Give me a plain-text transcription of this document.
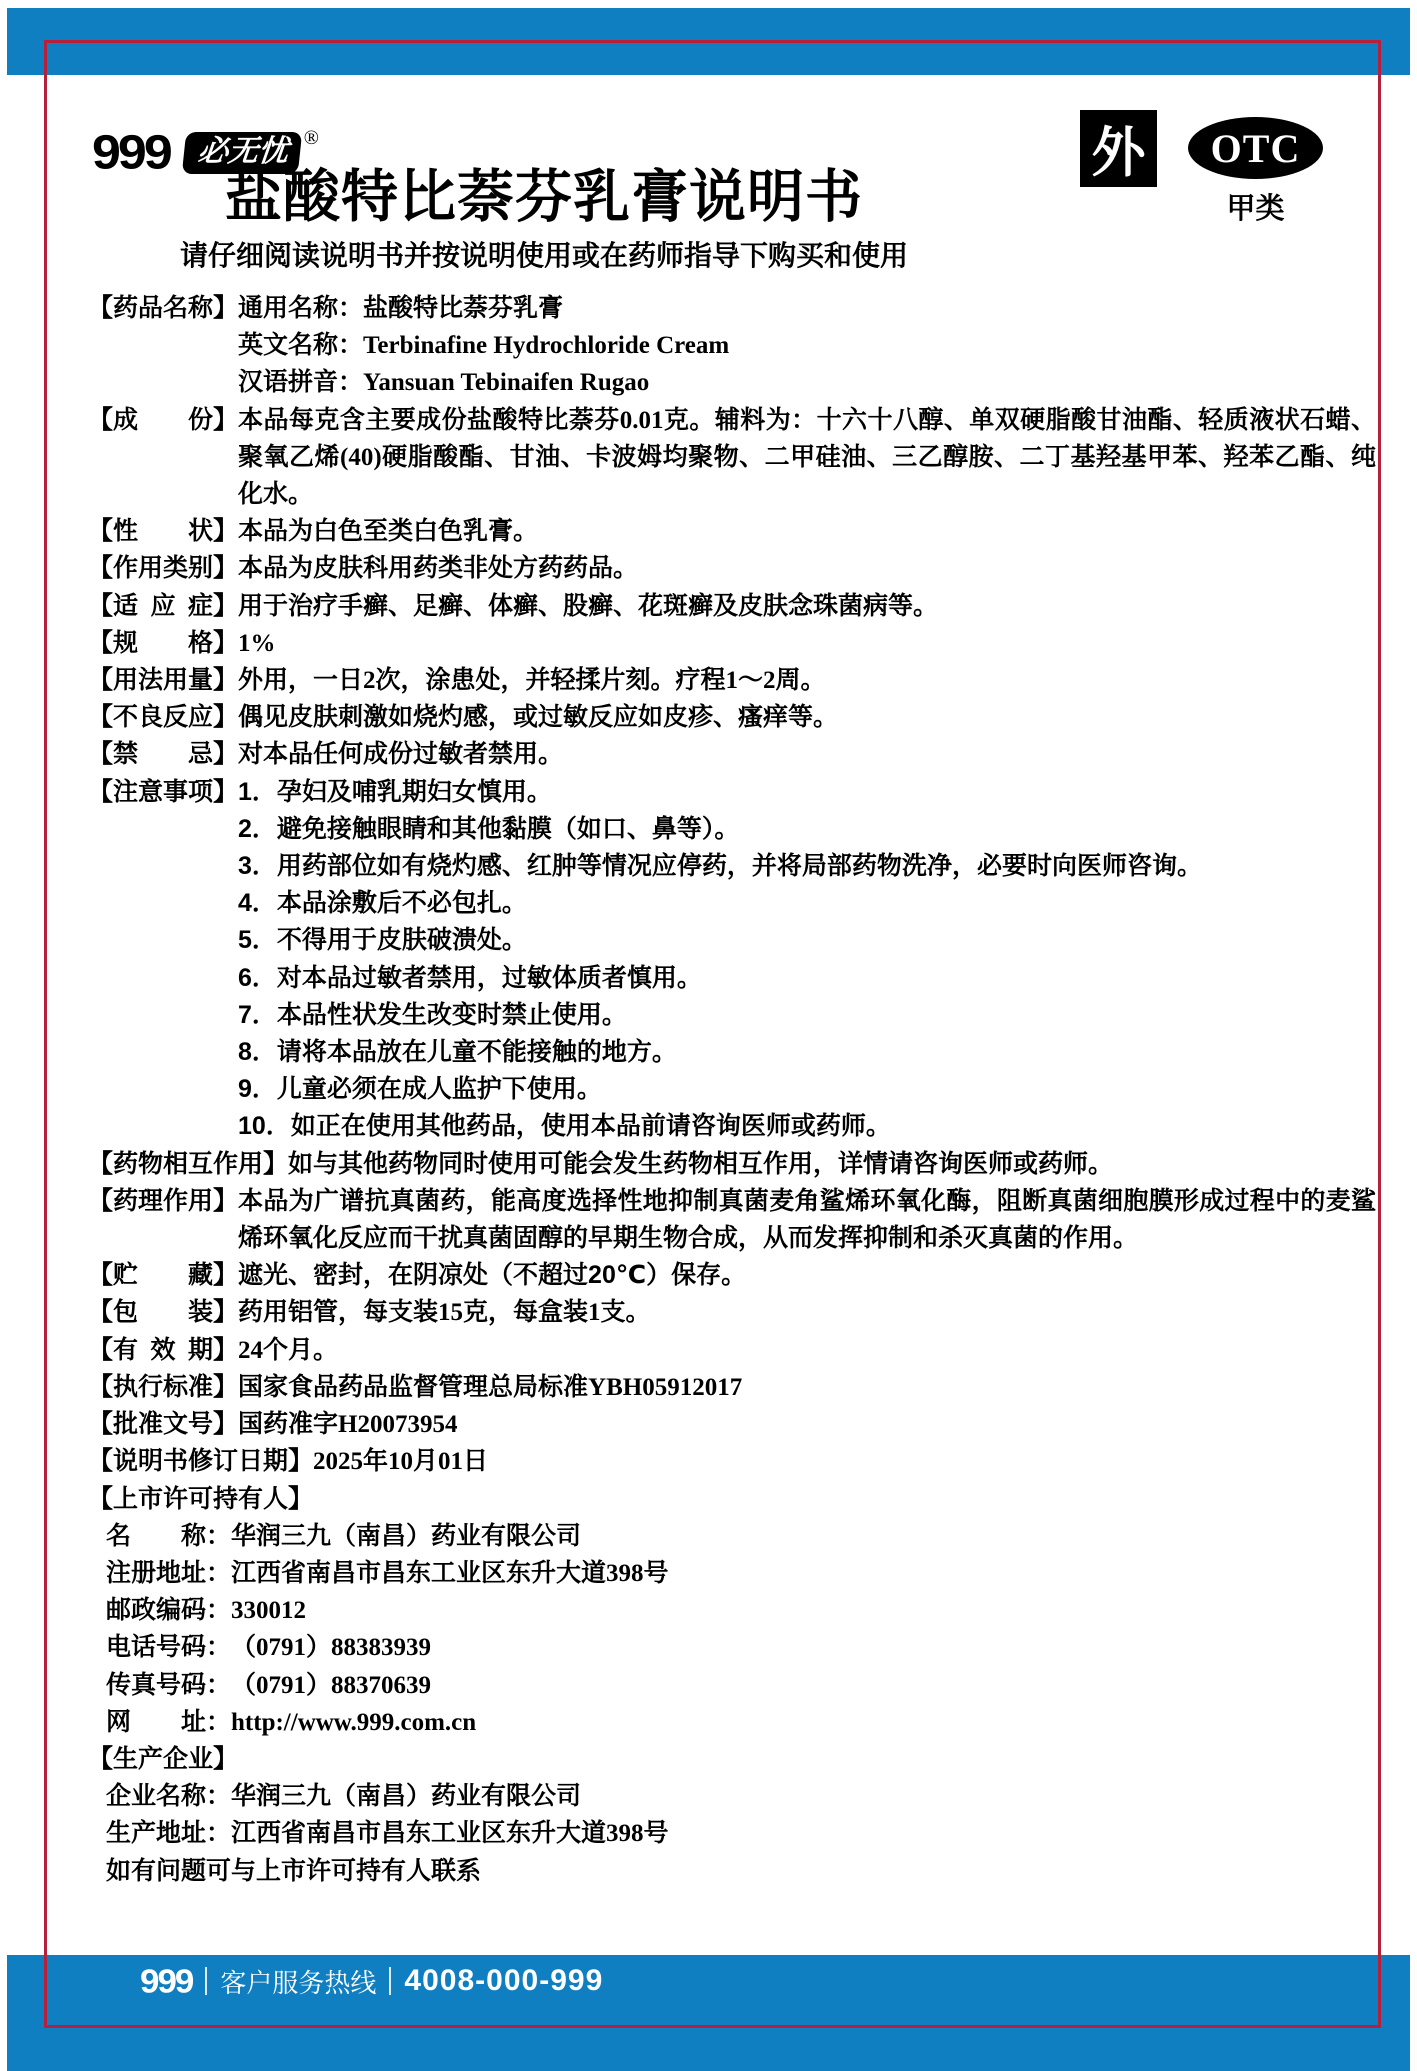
999 必无忧 ®	外	OTC
甲类
盐酸特比萘芬乳膏说明书
请仔细阅读说明书并按说明使用或在药师指导下购买和使用
【药品名称】 通用名称：盐酸特比萘芬乳膏
英文名称：Terbinafine Hydrochloride Cream
汉语拼音：Yansuan Tebinaifen Rugao
【成份】 本品每克含主要成份盐酸特比萘芬0.01克。辅料为：十六十八醇、单双硬脂酸甘油酯、轻质液状石蜡、聚氧乙烯(40)硬脂酸酯、甘油、卡波姆均聚物、二甲硅油、三乙醇胺、二丁基羟基甲苯、羟苯乙酯、纯化水。
【性状】 本品为白色至类白色乳膏。
【作用类别】 本品为皮肤科用药类非处方药药品。
【适应症】 用于治疗手癣、足癣、体癣、股癣、花斑癣及皮肤念珠菌病等。
【规格】 1%
【用法用量】 外用，一日2次，涂患处，并轻揉片刻。疗程1～2周。
【不良反应】 偶见皮肤刺激如烧灼感，或过敏反应如皮疹、瘙痒等。
【禁忌】 对本品任何成份过敏者禁用。
【注意事项】 1．孕妇及哺乳期妇女慎用。
2．避免接触眼睛和其他黏膜（如口、鼻等）。
3．用药部位如有烧灼感、红肿等情况应停药，并将局部药物洗净，必要时向医师咨询。
4．本品涂敷后不必包扎。
5．不得用于皮肤破溃处。
6．对本品过敏者禁用，过敏体质者慎用。
7．本品性状发生改变时禁止使用。
8．请将本品放在儿童不能接触的地方。
9．儿童必须在成人监护下使用。
10．如正在使用其他药品，使用本品前请咨询医师或药师。
【药物相互作用】 如与其他药物同时使用可能会发生药物相互作用，详情请咨询医师或药师。
【药理作用】 本品为广谱抗真菌药，能高度选择性地抑制真菌麦角鲨烯环氧化酶，阻断真菌细胞膜形成过程中的麦鲨烯环氧化反应而干扰真菌固醇的早期生物合成，从而发挥抑制和杀灭真菌的作用。
【贮藏】 遮光、密封，在阴凉处（不超过20℃）保存。
【包装】 药用铝管，每支装15克，每盒装1支。
【有效期】 24个月。
【执行标准】 国家食品药品监督管理总局标准YBH05912017
【批准文号】 国药准字H20073954
【说明书修订日期】 2025年10月01日
【上市许可持有人】
名称： 华润三九（南昌）药业有限公司
注册地址： 江西省南昌市昌东工业区东升大道398号
邮政编码： 330012
电话号码： （0791）88383939
传真号码： （0791）88370639
网址： http://www.999.com.cn
【生产企业】
企业名称： 华润三九（南昌）药业有限公司
生产地址： 江西省南昌市昌东工业区东升大道398号
如有问题可与上市许可持有人联系
999 客户服务热线 4008-000-999
